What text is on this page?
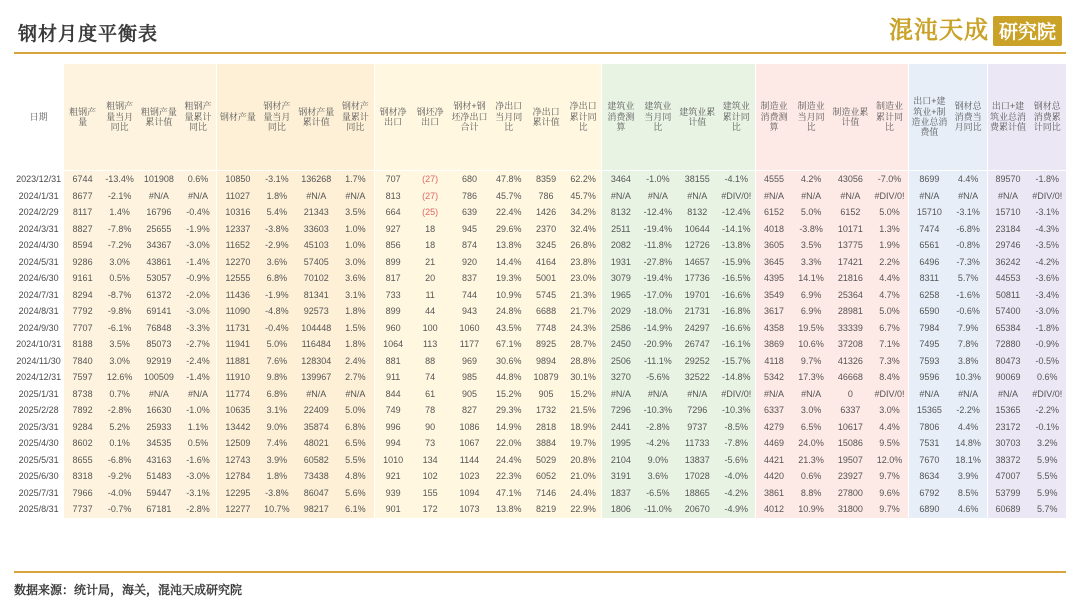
钢材月度平衡表	混沌天成 研究院
日期	粗钢产量	粗钢产量当月同比	粗钢产量累计值	粗钢产量累计同比	钢材产量	钢材产量当月同比	钢材产量累计值	钢材产量累计同比	钢材净出口	钢坯净出口	钢材+钢坯净出口合计	净出口当月同比	净出口累计值	净出口累计同比	建筑业消费测算	建筑业当月同比	建筑业累计值	建筑业累计同比	制造业消费测算	制造业当月同比	制造业累计值	制造业累计同比	出口+建筑业+制造业总消费值	钢材总消费当月同比	出口+建筑业总消费累计值	钢材总消费累计同比
2023/12/31	6744	-13.4%	101908	0.6%	10850	-3.1%	136268	1.7%	707	(27)	680	47.8%	8359	62.2%	3464	-1.0%	38155	-4.1%	4555	4.2%	43056	-7.0%	8699	4.4%	89570	-1.8%
2024/1/31	8677	-2.1%	#N/A	#N/A	11027	1.8%	#N/A	#N/A	813	(27)	786	45.7%	786	45.7%	#N/A	#N/A	#N/A	#DIV/0!	#N/A	#N/A	#N/A	#DIV/0!	#N/A	#N/A	#N/A	#DIV/0!
2024/2/29	8117	1.4%	16796	-0.4%	10316	5.4%	21343	3.5%	664	(25)	639	22.4%	1426	34.2%	8132	-12.4%	8132	-12.4%	6152	5.0%	6152	5.0%	15710	-3.1%	15710	-3.1%
2024/3/31	8827	-7.8%	25655	-1.9%	12337	-3.8%	33603	1.0%	927	18	945	29.6%	2370	32.4%	2511	-19.4%	10644	-14.1%	4018	-3.8%	10171	1.3%	7474	-6.8%	23184	-4.3%
2024/4/30	8594	-7.2%	34367	-3.0%	11652	-2.9%	45103	1.0%	856	18	874	13.8%	3245	26.8%	2082	-11.8%	12726	-13.8%	3605	3.5%	13775	1.9%	6561	-0.8%	29746	-3.5%
2024/5/31	9286	3.0%	43861	-1.4%	12270	3.6%	57405	3.0%	899	21	920	14.4%	4164	23.8%	1931	-27.8%	14657	-15.9%	3645	3.3%	17421	2.2%	6496	-7.3%	36242	-4.2%
2024/6/30	9161	0.5%	53057	-0.9%	12555	6.8%	70102	3.6%	817	20	837	19.3%	5001	23.0%	3079	-19.4%	17736	-16.5%	4395	14.1%	21816	4.4%	8311	5.7%	44553	-3.6%
2024/7/31	8294	-8.7%	61372	-2.0%	11436	-1.9%	81341	3.1%	733	11	744	10.9%	5745	21.3%	1965	-17.0%	19701	-16.6%	3549	6.9%	25364	4.7%	6258	-1.6%	50811	-3.4%
2024/8/31	7792	-9.8%	69141	-3.0%	11090	-4.8%	92573	1.8%	899	44	943	24.8%	6688	21.7%	2029	-18.0%	21731	-16.8%	3617	6.9%	28981	5.0%	6590	-0.6%	57400	-3.0%
2024/9/30	7707	-6.1%	76848	-3.3%	11731	-0.4%	104448	1.5%	960	100	1060	43.5%	7748	24.3%	2586	-14.9%	24297	-16.6%	4358	19.5%	33339	6.7%	7984	7.9%	65384	-1.8%
2024/10/31	8188	3.5%	85073	-2.7%	11941	5.0%	116484	1.8%	1064	113	1177	67.1%	8925	28.7%	2450	-20.9%	26747	-16.1%	3869	10.6%	37208	7.1%	7495	7.8%	72880	-0.9%
2024/11/30	7840	3.0%	92919	-2.4%	11881	7.6%	128304	2.4%	881	88	969	30.6%	9894	28.8%	2506	-11.1%	29252	-15.7%	4118	9.7%	41326	7.3%	7593	3.8%	80473	-0.5%
2024/12/31	7597	12.6%	100509	-1.4%	11910	9.8%	139967	2.7%	911	74	985	44.8%	10879	30.1%	3270	-5.6%	32522	-14.8%	5342	17.3%	46668	8.4%	9596	10.3%	90069	0.6%
2025/1/31	8738	0.7%	#N/A	#N/A	11774	6.8%	#N/A	#N/A	844	61	905	15.2%	905	15.2%	#N/A	#N/A	#N/A	#DIV/0!	#N/A	#N/A	0	#DIV/0!	#N/A	#N/A	#N/A	#DIV/0!
2025/2/28	7892	-2.8%	16630	-1.0%	10635	3.1%	22409	5.0%	749	78	827	29.3%	1732	21.5%	7296	-10.3%	7296	-10.3%	6337	3.0%	6337	3.0%	15365	-2.2%	15365	-2.2%
2025/3/31	9284	5.2%	25933	1.1%	13442	9.0%	35874	6.8%	996	90	1086	14.9%	2818	18.9%	2441	-2.8%	9737	-8.5%	4279	6.5%	10617	4.4%	7806	4.4%	23172	-0.1%
2025/4/30	8602	0.1%	34535	0.5%	12509	7.4%	48021	6.5%	994	73	1067	22.0%	3884	19.7%	1995	-4.2%	11733	-7.8%	4469	24.0%	15086	9.5%	7531	14.8%	30703	3.2%
2025/5/31	8655	-6.8%	43163	-1.6%	12743	3.9%	60582	5.5%	1010	134	1144	24.4%	5029	20.8%	2104	9.0%	13837	-5.6%	4421	21.3%	19507	12.0%	7670	18.1%	38372	5.9%
2025/6/30	8318	-9.2%	51483	-3.0%	12784	1.8%	73438	4.8%	921	102	1023	22.3%	6052	21.0%	3191	3.6%	17028	-4.0%	4420	0.6%	23927	9.7%	8634	3.9%	47007	5.5%
2025/7/31	7966	-4.0%	59447	-3.1%	12295	-3.8%	86047	5.6%	939	155	1094	47.1%	7146	24.4%	1837	-6.5%	18865	-4.2%	3861	8.8%	27800	9.6%	6792	8.5%	53799	5.9%
2025/8/31	7737	-0.7%	67181	-2.8%	12277	10.7%	98217	6.1%	901	172	1073	13.8%	8219	22.9%	1806	-11.0%	20670	-4.9%	4012	10.9%	31800	9.7%	6890	4.6%	60689	5.7%
数据来源：统计局，海关，混沌天成研究院
